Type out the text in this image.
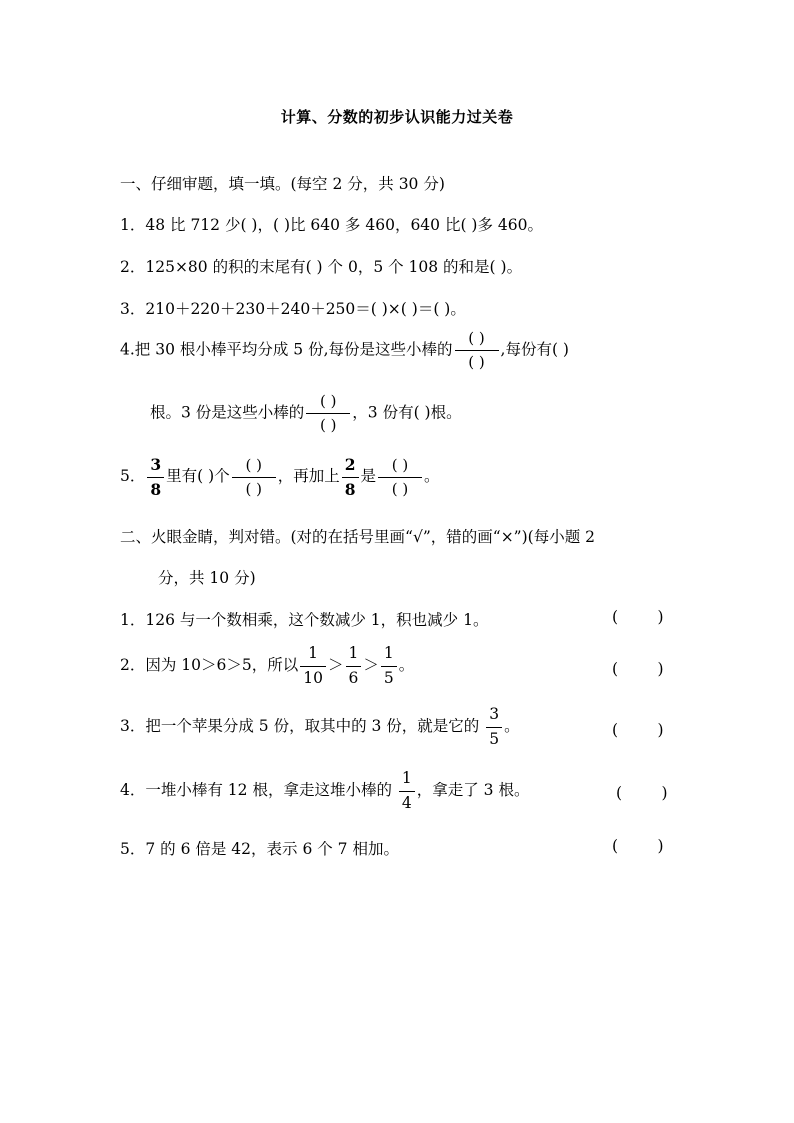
计算、分数的初步认识能力过关卷
一、仔细审题，填一填。(每空 2 分，共 30 分)
1．48 比 712 少( )，( )比 640 多 460，640 比( )多 460。
2．125×80 的积的末尾有( ) 个 0，5 个 108 的和是( )。
3．210＋220＋230＋240＋250＝( )×( )＝( )。
4.把 30 根小棒平均分成 5 份,每份是这些小棒的 $\frac{( )}{( )}$ ,每份有( )
根。3 份是这些小棒的 $\frac{( )}{( )}$ ，3 份有( )根。
5． $\frac{3}{8}$ 里有( )个 $\frac{( )}{( )}$ ，再加上 $\frac{2}{8}$ 是 $\frac{( )}{( )}$ 。
二、火眼金睛，判对错。(对的在括号里画“√”，错的画“×”)(每小题 2
分，共 10 分)
1．126 与一个数相乘，这个数减少 1，积也减少 1。	(        )
2．因为 10＞6＞5，所以 $\frac{1}{10} > \frac{1}{6} > \frac{1}{5}$ 。	(        )
3．把一个苹果分成 5 份，取其中的 3 份，就是它的 $\frac{3}{5}$ 。	(        )
4．一堆小棒有 12 根，拿走这堆小棒的 $\frac{1}{4}$ ，拿走了 3 根。	(        )
5．7 的 6 倍是 42，表示 6 个 7 相加。	(        )
